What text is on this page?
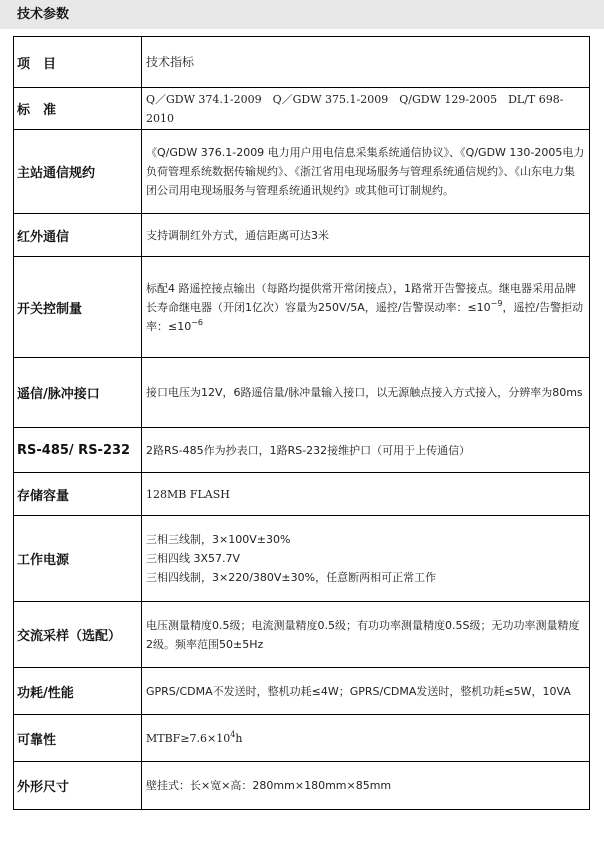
技术参数
项　目	技术指标
标　准	Q／GDW 374.1-2009　Q／GDW 375.1-2009　Q/GDW 129-2005　DL/T 698-2010
主站通信规约	《Q/GDW 376.1-2009 电力用户用电信息采集系统通信协议》、《Q/GDW 130-2005电力负荷管理系统数据传输规约》、《浙江省用电现场服务与管理系统通信规约》、《山东电力集团公司用电现场服务与管理系统通讯规约》或其他可订制规约。
红外通信	支持调制红外方式，通信距离可达3米
开关控制量	标配4 路遥控接点输出（每路均提供常开常闭接点），1路常开告警接点。继电器采用品牌长寿命继电器（开闭1亿次）容量为250V/5A，遥控/告警误动率：$\le 10^{-9}$，遥控/告警拒动率：$\le 10^{-6}$
遥信/脉冲接口	接口电压为12V，6路遥信量/脉冲量输入接口，以无源触点接入方式接入，分辨率为80ms
RS-485/ RS-232	2路RS-485作为抄表口，1路RS-232接维护口（可用于上传通信）
存储容量	128MB FLASH
工作电源	三相三线制，3×100V±30%
三相四线 3X57.7V
三相四线制，3×220/380V±30%，任意断两相可正常工作

交流采样（选配）	电压测量精度0.5级；电流测量精度0.5级；有功功率测量精度0.5S级；无功功率测量精度2级。频率范围50±5Hz
功耗/性能	GPRS/CDMA不发送时，整机功耗≤4W；GPRS/CDMA发送时，整机功耗≤5W，10VA
可靠性	$MTBF\ge 7.6\times 10^4h$
外形尺寸	壁挂式：长×宽×高：280mm×180mm×85mm
